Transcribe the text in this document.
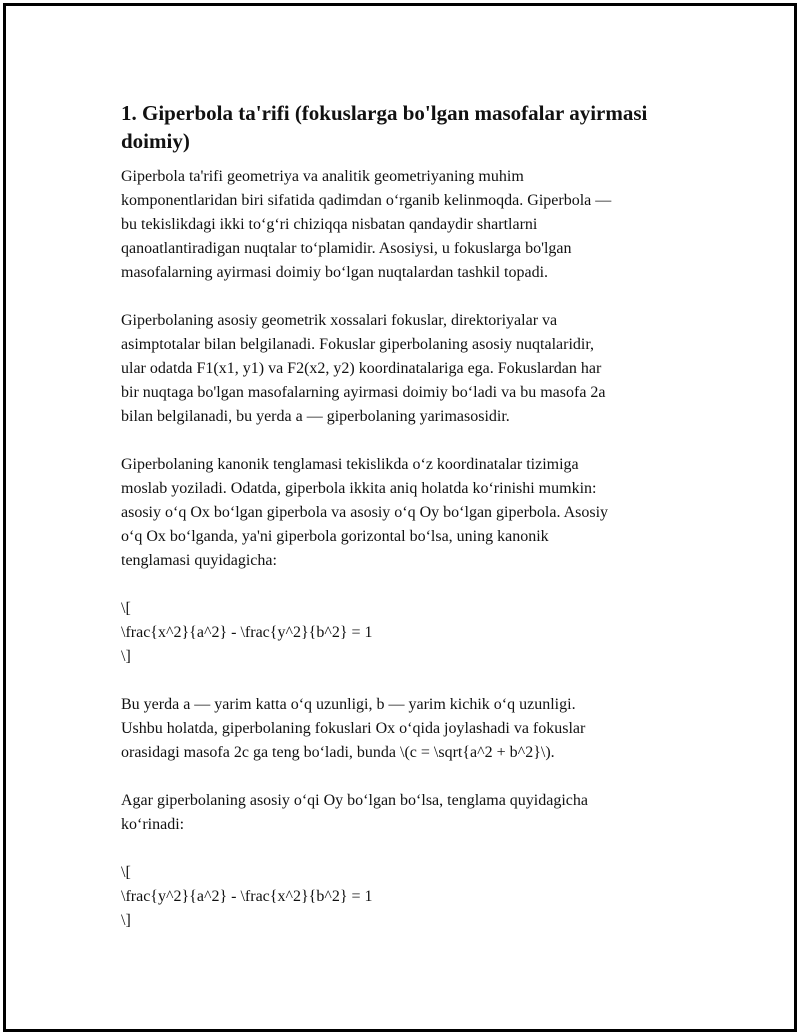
1. Giperbola ta'rifi (fokuslarga bo'lgan masofalar ayirmasi doimiy)

Giperbola ta'rifi geometriya va analitik geometriyaning muhim
komponentlaridan biri sifatida qadimdan o‘rganib kelinmoqda. Giperbola —
bu tekislikdagi ikki to‘g‘ri chiziqqa nisbatan qandaydir shartlarni
qanoatlantiradigan nuqtalar to‘plamidir. Asosiysi, u fokuslarga bo'lgan
masofalarning ayirmasi doimiy bo‘lgan nuqtalardan tashkil topadi.

Giperbolaning asosiy geometrik xossalari fokuslar, direktoriyalar va
asimptotalar bilan belgilanadi. Fokuslar giperbolaning asosiy nuqtalaridir,
ular odatda F1(x1, y1) va F2(x2, y2) koordinatalariga ega. Fokuslardan har
bir nuqtaga bo'lgan masofalarning ayirmasi doimiy bo‘ladi va bu masofa 2a
bilan belgilanadi, bu yerda a — giperbolaning yarimasosidir.

Giperbolaning kanonik tenglamasi tekislikda o‘z koordinatalar tizimiga
moslab yoziladi. Odatda, giperbola ikkita aniq holatda ko‘rinishi mumkin:
asosiy o‘q Ox bo‘lgan giperbola va asosiy o‘q Oy bo‘lgan giperbola. Asosiy
o‘q Ox bo‘lganda, ya'ni giperbola gorizontal bo‘lsa, uning kanonik
tenglamasi quyidagicha:

\[
\frac{x^2}{a^2} - \frac{y^2}{b^2} = 1
\]

Bu yerda a — yarim katta o‘q uzunligi, b — yarim kichik o‘q uzunligi.
Ushbu holatda, giperbolaning fokuslari Ox o‘qida joylashadi va fokuslar
orasidagi masofa 2c ga teng bo‘ladi, bunda \(c = \sqrt{a^2 + b^2}\).

Agar giperbolaning asosiy o‘qi Oy bo‘lgan bo‘lsa, tenglama quyidagicha
ko‘rinadi:

\[
\frac{y^2}{a^2} - \frac{x^2}{b^2} = 1
\]
